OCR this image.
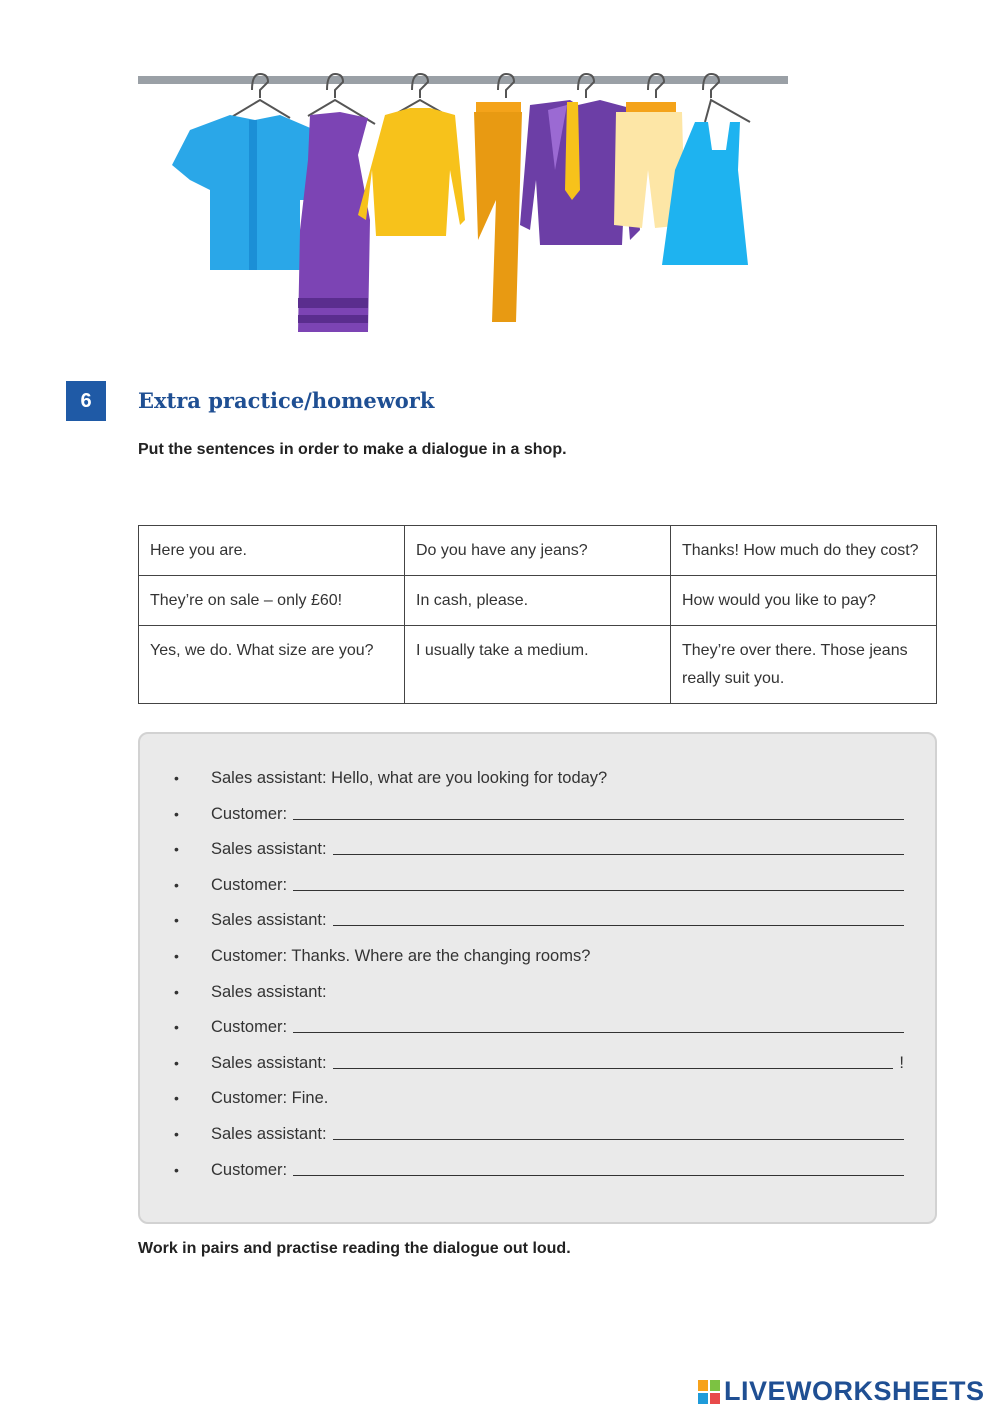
6	Extra practice/homework
Put the sentences in order to make a dialogue in a shop.
Here you are.	Do you have any jeans?	Thanks! How much do they cost?
They’re on sale – only £60!	In cash, please.	How would you like to pay?
Yes, we do. What size are you?	I usually take a medium.	They’re over there. Those jeans really suit you.
•	Sales assistant: Hello, what are you looking for today?
•	Customer:
•	Sales assistant:
•	Customer:
•	Sales assistant:
•	Customer: Thanks. Where are the changing rooms?
•	Sales assistant:
•	Customer:
•	Sales assistant:	!
•	Customer: Fine.
•	Sales assistant:
•	Customer:
Work in pairs and practise reading the dialogue out loud.
LIVEWORKSHEETS
